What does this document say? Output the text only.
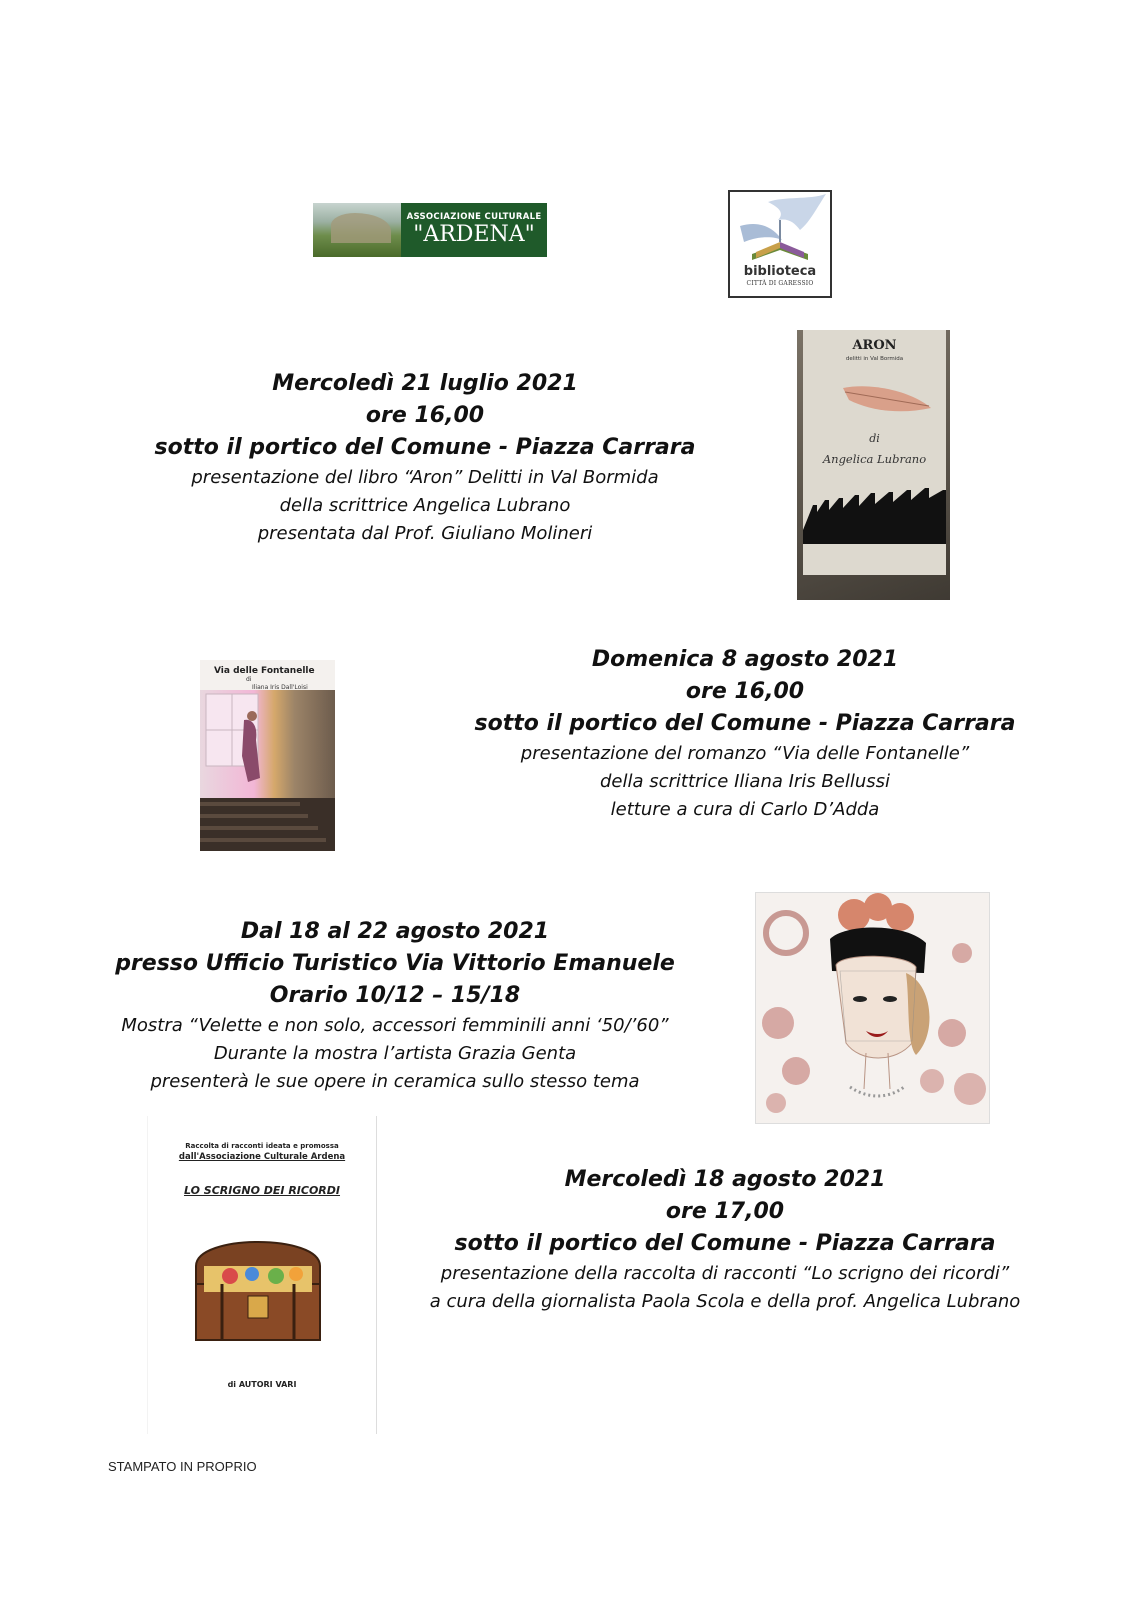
ASSOCIAZIONE CULTURALE
"ARDENA"
biblioteca
CITTÀ DI GARESSIO
Mercoledì 21 luglio 2021
ore 16,00
sotto il portico del Comune - Piazza Carrara
presentazione del libro “Aron” Delitti in Val Bormida
della scrittrice Angelica Lubrano
presentata dal Prof. Giuliano Molineri
ARON
delitti in Val Bormida
di
Angelica Lubrano
Via delle Fontanelle
di
Iliana Iris Dall'Loisi
Domenica 8 agosto 2021
ore 16,00
sotto il portico del Comune - Piazza Carrara
presentazione del romanzo “Via delle Fontanelle”
della scrittrice Iliana Iris Bellussi
letture a cura di Carlo D’Adda
Dal 18 al 22 agosto 2021
presso Ufficio Turistico Via Vittorio Emanuele
Orario 10/12 – 15/18
Mostra “Velette e non solo, accessori femminili anni ‘50/’60”
Durante la mostra l’artista Grazia Genta
presenterà le sue opere in ceramica sullo stesso tema
Raccolta di racconti ideata e promossa
dall'Associazione Culturale Ardena
LO SCRIGNO DEI RICORDI
di AUTORI VARI
Mercoledì 18 agosto 2021
ore 17,00
sotto il portico del Comune - Piazza Carrara
presentazione della raccolta di racconti “Lo scrigno dei ricordi”
a cura della giornalista Paola Scola e della prof. Angelica Lubrano
STAMPATO IN PROPRIO
